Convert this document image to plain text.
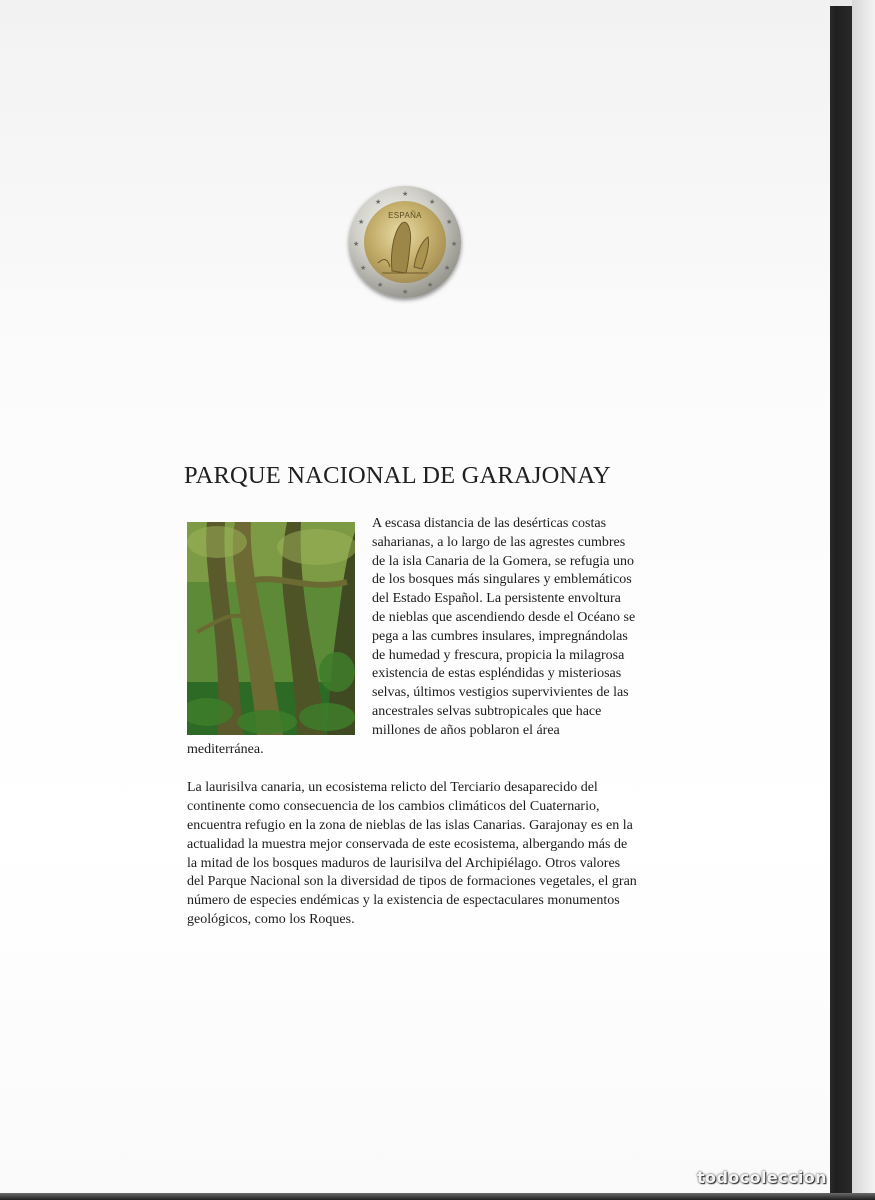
ESPAÑA
★
★
★
★
★
★
★
★
★
★
★
★
PARQUE NACIONAL DE GARAJONAY

A escasa distancia de las desérticas costas saharianas, a lo largo de las agrestes cumbres de la isla Canaria de la Gomera, se refugia uno de los bosques más singulares y emblemáticos del Estado Español. La persistente envoltura de nieblas que ascendiendo desde el Océano se pega a las cumbres insulares, impregnándolas de humedad y frescura, propicia la milagrosa existencia de estas espléndidas y misteriosas selvas, últimos vestigios supervivientes de las ancestrales selvas subtropicales que hace millones de años poblaron el área mediterránea.

La laurisilva canaria, un ecosistema relicto del Terciario desaparecido del continente como consecuencia de los cambios climáticos del Cuaternario, encuentra refugio en la zona de nieblas de las islas Canarias. Garajonay es en la actualidad la muestra mejor conservada de este ecosistema, albergando más de la mitad de los bosques maduros de laurisilva del Archipiélago. Otros valores del Parque Nacional son la diversidad de tipos de formaciones vegetales, el gran número de especies endémicas y la existencia de espectaculares monumentos geológicos, como los Roques.

todocoleccion
